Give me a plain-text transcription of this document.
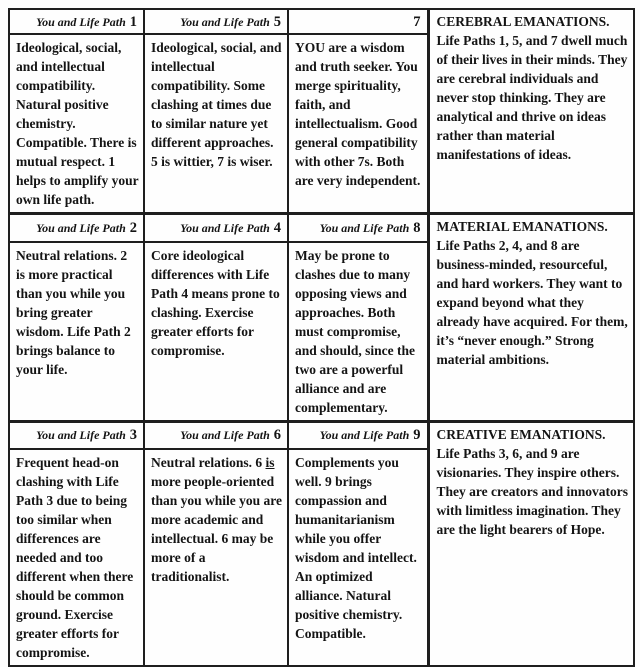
You and Life Path 1	You and Life Path 5	7	CEREBRAL EMANATIONS. Life Paths 1, 5, and 7 dwell much of their lives in their minds. They are cerebral individuals and never stop thinking. They are analytical and thrive on ideas rather than material manifestations of ideas.
Ideological, social, and intellectual compatibility. Natural positive chemistry. Compatible. There is mutual respect. 1 helps to amplify your own life path.	Ideological, social, and intellectual compatibility. Some clashing at times due to similar nature yet different approaches. 5 is wittier, 7 is wiser.	YOU are a wisdom and truth seeker. You merge spirituality, faith, and intellectualism. Good general compatibility with other 7s. Both are very independent.	
You and Life Path 2	You and Life Path 4	You and Life Path 8	MATERIAL EMANATIONS. Life Paths 2, 4, and 8 are business-minded, resourceful, and hard workers. They want to expand beyond what they already have acquired. For them, it’s “never enough.” Strong material ambitions.
Neutral relations. 2 is more practical than you while you bring greater wisdom. Life Path 2 brings balance to your life.	Core ideological differences with Life Path 4 means prone to clashing. Exercise greater efforts for compromise.	May be prone to clashes due to many opposing views and approaches. Both must compromise, and should, since the two are a powerful alliance and are complementary.	
You and Life Path 3	You and Life Path 6	You and Life Path 9	CREATIVE EMANATIONS. Life Paths 3, 6, and 9 are visionaries. They inspire others. They are creators and innovators with limitless imagination. They are the light bearers of Hope.
Frequent head-on clashing with Life Path 3 due to being too similar when differences are needed and too different when there should be common ground. Exercise greater efforts for compromise.	Neutral relations. 6 is more people-oriented than you while you are more academic and intellectual. 6 may be more of a traditionalist.	Complements you well. 9 brings compassion and humanitarianism while you offer wisdom and intellect. An optimized alliance. Natural positive chemistry. Compatible.	
